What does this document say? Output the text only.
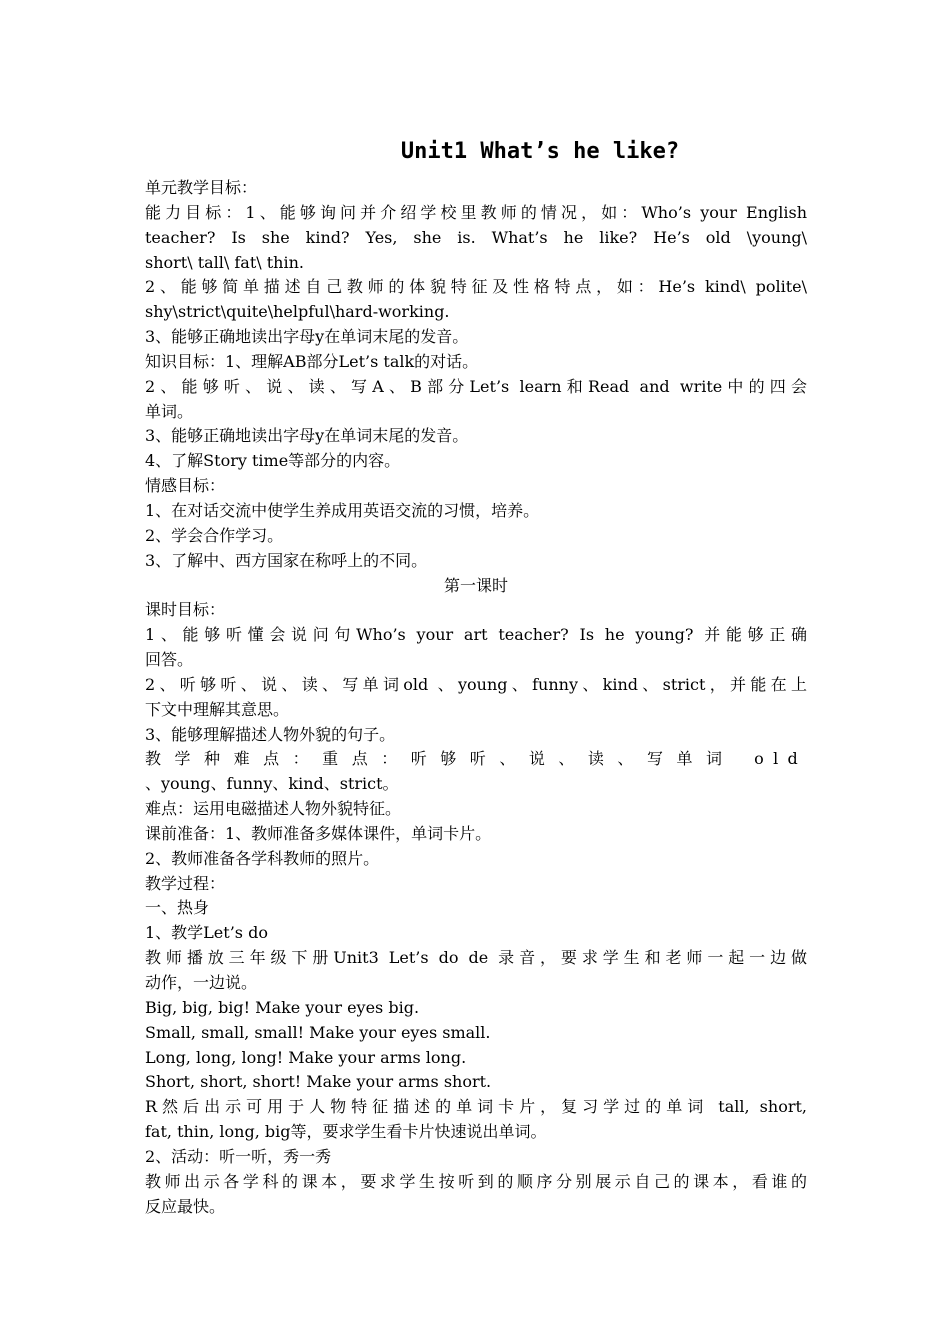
Unit1 What’s he like?
单元教学目标：
能力目标：1、能够询问并介绍学校里教师的情况，如：Who’s your English
teacher? Is she kind? Yes, she is. What’s he like? He’s old \young\
short\ tall\ fat\ thin.
2、能够简单描述自己教师的体貌特征及性格特点，如：He’s kind\ polite\
shy\strict\quite\helpful\hard-working.
3、能够正确地读出字母y在单词末尾的发音。
知识目标：1、理解AB部分Let’s talk的对话。
2、能够听、说、读、写A、B部分Let’s learn和Read and write中的四会
单词。
3、能够正确地读出字母y在单词末尾的发音。
4、了解Story time等部分的内容。
情感目标：
1、在对话交流中使学生养成用英语交流的习惯，培养。
2、学会合作学习。
3、了解中、西方国家在称呼上的不同。
第一课时
课时目标：
1、能够听懂会说问句Who’s your art teacher? Is he young? 并能够正确
回答。
2、听够听、说、读、写单词old 、young、funny、kind、strict，并能在上
下文中理解其意思。
3、能够理解描述人物外貌的句子。
教学种难点：重点：听够听、说、读、写单词 old
、young、funny、kind、strict。
难点：运用电磁描述人物外貌特征。
课前准备：1、教师准备多媒体课件，单词卡片。
2、教师准备各学科教师的照片。
教学过程：
一、热身
1、教学Let’s do
教师播放三年级下册Unit3 Let’s do de 录音，要求学生和老师一起一边做
动作，一边说。
Big, big, big! Make your eyes big.
Small, small, small! Make your eyes small.
Long, long, long! Make your arms long.
Short, short, short! Make your arms short.
R然后出示可用于人物特征描述的单词卡片，复习学过的单词 tall, short,
fat, thin, long, big等，要求学生看卡片快速说出单词。
2、活动：听一听，秀一秀
教师出示各学科的课本，要求学生按听到的顺序分别展示自己的课本，看谁的
反应最快。
